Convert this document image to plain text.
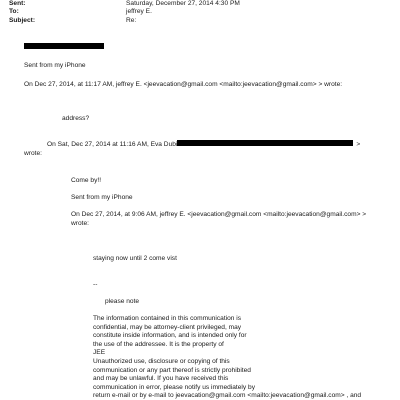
Sent:	Saturday, December 27, 2014 4:30 PM
To:	jeffrey E.
Subject:	Re:
Sent from my iPhone
On Dec 27, 2014, at 11:17 AM, jeffrey E. <jeevacation@gmail.com <mailto:jeevacation@gmail.com> > wrote:
address?
On Sat, Dec 27, 2014 at 11:16 AM, Eva Dubi	>
wrote:
Come by!!
Sent from my iPhone
On Dec 27, 2014, at 9:06 AM, jeffrey E. <jeevacation@gmail.com <mailto:jeevacation@gmail.com> >
wrote:
staying now until 2 come vist
--
please note
The information contained in this communication is
confidential, may be attorney-client privileged, may
constitute inside information, and is intended only for
the use of the addressee. It is the property of
JEE
Unauthorized use, disclosure or copying of this
communication or any part thereof is strictly prohibited
and may be unlawful. If you have received this
communication in error, please notify us immediately by
return e-mail or by e-mail to jeevacation@gmail.com <mailto:jeevacation@gmail.com> , and
